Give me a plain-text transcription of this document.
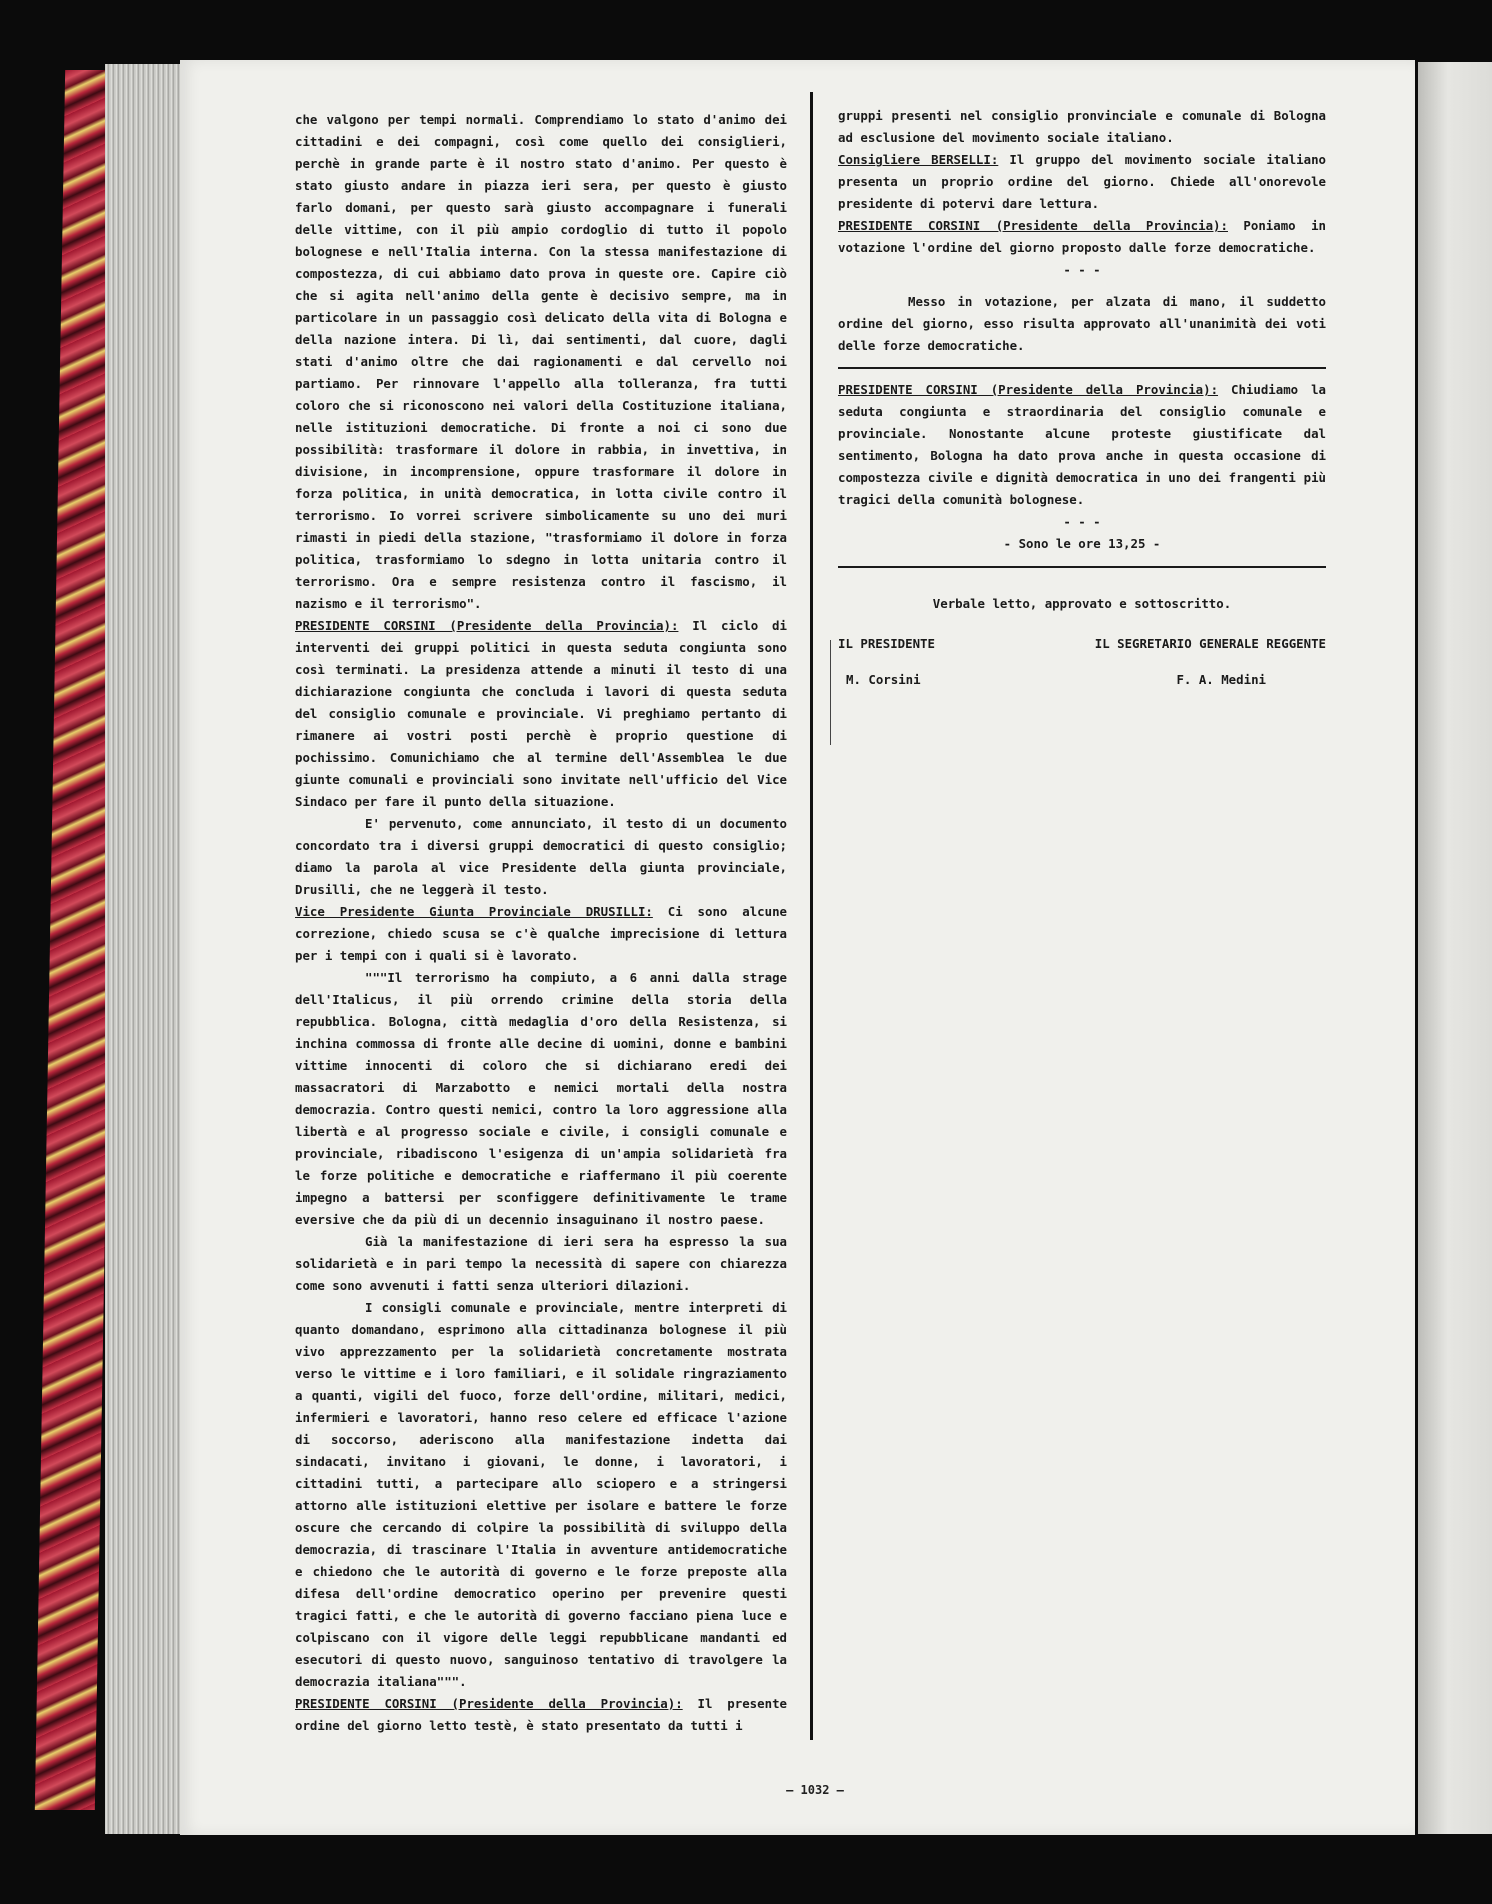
che valgono per tempi normali. Comprendiamo lo stato d'animo dei cittadini e dei compagni, così come quello dei consiglieri, perchè in grande parte è il nostro stato d'animo. Per questo è stato giusto andare in piazza ieri sera, per questo è giusto farlo domani, per questo sarà giusto accompagnare i funerali delle vittime, con il più ampio cordoglio di tutto il popolo bolognese e nell'Italia interna. Con la stessa manifestazione di compostezza, di cui abbiamo dato prova in queste ore. Capire ciò che si agita nell'animo della gente è decisivo sempre, ma in particolare in un passaggio così delicato della vita di Bologna e della nazione intera. Di lì, dai sentimenti, dal cuore, dagli stati d'animo oltre che dai ragionamenti e dal cervello noi partiamo. Per rinnovare l'appello alla tolleranza, fra tutti coloro che si riconoscono nei valori della Costituzione italiana, nelle istituzioni democratiche. Di fronte a noi ci sono due possibilità: trasformare il dolore in rabbia, in invettiva, in divisione, in incomprensione, oppure trasformare il dolore in forza politica, in unità democratica, in lotta civile contro il terrorismo. Io vorrei scrivere simbolicamente su uno dei muri rimasti in piedi della stazione, "trasformiamo il dolore in forza politica, trasformiamo lo sdegno in lotta unitaria contro il terrorismo. Ora e sempre resistenza contro il fascismo, il nazismo e il terrorismo".

PRESIDENTE CORSINI (Presidente della Provincia): Il ciclo di interventi dei gruppi politici in questa seduta congiunta sono così terminati. La presidenza attende a minuti il testo di una dichiarazione congiunta che concluda i lavori di questa seduta del consiglio comunale e provinciale. Vi preghiamo pertanto di rimanere ai vostri posti perchè è proprio questione di pochissimo. Comunichiamo che al termine dell'Assemblea le due giunte comunali e provinciali sono invitate nell'ufficio del Vice Sindaco per fare il punto della situazione.

E' pervenuto, come annunciato, il testo di un documento concordato tra i diversi gruppi democratici di questo consiglio; diamo la parola al vice Presidente della giunta provinciale, Drusilli, che ne leggerà il testo.

Vice Presidente Giunta Provinciale DRUSILLI: Ci sono alcune correzione, chiedo scusa se c'è qualche imprecisione di lettura per i tempi con i quali si è lavorato.

"""Il terrorismo ha compiuto, a 6 anni dalla strage dell'Italicus, il più orrendo crimine della storia della repubblica. Bologna, città medaglia d'oro della Resistenza, si inchina commossa di fronte alle decine di uomini, donne e bambini vittime innocenti di coloro che si dichiarano eredi dei massacratori di Marzabotto e nemici mortali della nostra democrazia. Contro questi nemici, contro la loro aggressione alla libertà e al progresso sociale e civile, i consigli comunale e provinciale, ribadiscono l'esigenza di un'ampia solidarietà fra le forze politiche e democratiche e riaffermano il più coerente impegno a battersi per sconfiggere definitivamente le trame eversive che da più di un decennio insaguinano il nostro paese.

Già la manifestazione di ieri sera ha espresso la sua solidarietà e in pari tempo la necessità di sapere con chiarezza come sono avvenuti i fatti senza ulteriori dilazioni.

I consigli comunale e provinciale, mentre interpreti di quanto domandano, esprimono alla cittadinanza bolognese il più vivo apprezzamento per la solidarietà concretamente mostrata verso le vittime e i loro familiari, e il solidale ringraziamento a quanti, vigili del fuoco, forze dell'ordine, militari, medici, infermieri e lavoratori, hanno reso celere ed efficace l'azione di soccorso, aderiscono alla manifestazione indetta dai sindacati, invitano i giovani, le donne, i lavoratori, i cittadini tutti, a partecipare allo sciopero e a stringersi attorno alle istituzioni elettive per isolare e battere le forze oscure che cercando di colpire la possibilità di sviluppo della democrazia, di trascinare l'Italia in avventure antidemocratiche e chiedono che le autorità di governo e le forze preposte alla difesa dell'ordine democratico operino per prevenire questi tragici fatti, e che le autorità di governo facciano piena luce e colpiscano con il vigore delle leggi repubblicane mandanti ed esecutori di questo nuovo, sanguinoso tentativo di travolgere la democrazia italiana""".

PRESIDENTE CORSINI (Presidente della Provincia): Il presente ordine del giorno letto testè, è stato presentato da tutti i

gruppi presenti nel consiglio pronvinciale e comunale di Bologna ad esclusione del movimento sociale italiano.

Consigliere BERSELLI: Il gruppo del movimento sociale italiano presenta un proprio ordine del giorno. Chiede all'onorevole presidente di potervi dare lettura.

PRESIDENTE CORSINI (Presidente della Provincia): Poniamo in votazione l'ordine del giorno proposto dalle forze democratiche.

- - -

Messo in votazione, per alzata di mano, il suddetto ordine del giorno, esso risulta approvato all'unanimità dei voti delle forze democratiche.

PRESIDENTE CORSINI (Presidente della Provincia): Chiudiamo la seduta congiunta e straordinaria del consiglio comunale e provinciale. Nonostante alcune proteste giustificate dal sentimento, Bologna ha dato prova anche in questa occasione di compostezza civile e dignità democratica in uno dei frangenti più tragici della comunità bolognese.

- - -

- Sono le ore 13,25 -

Verbale letto, approvato e sottoscritto.

IL PRESIDENTE	IL SEGRETARIO GENERALE REGGENTE
M. Corsini	F. A. Medini
– 1032 –
